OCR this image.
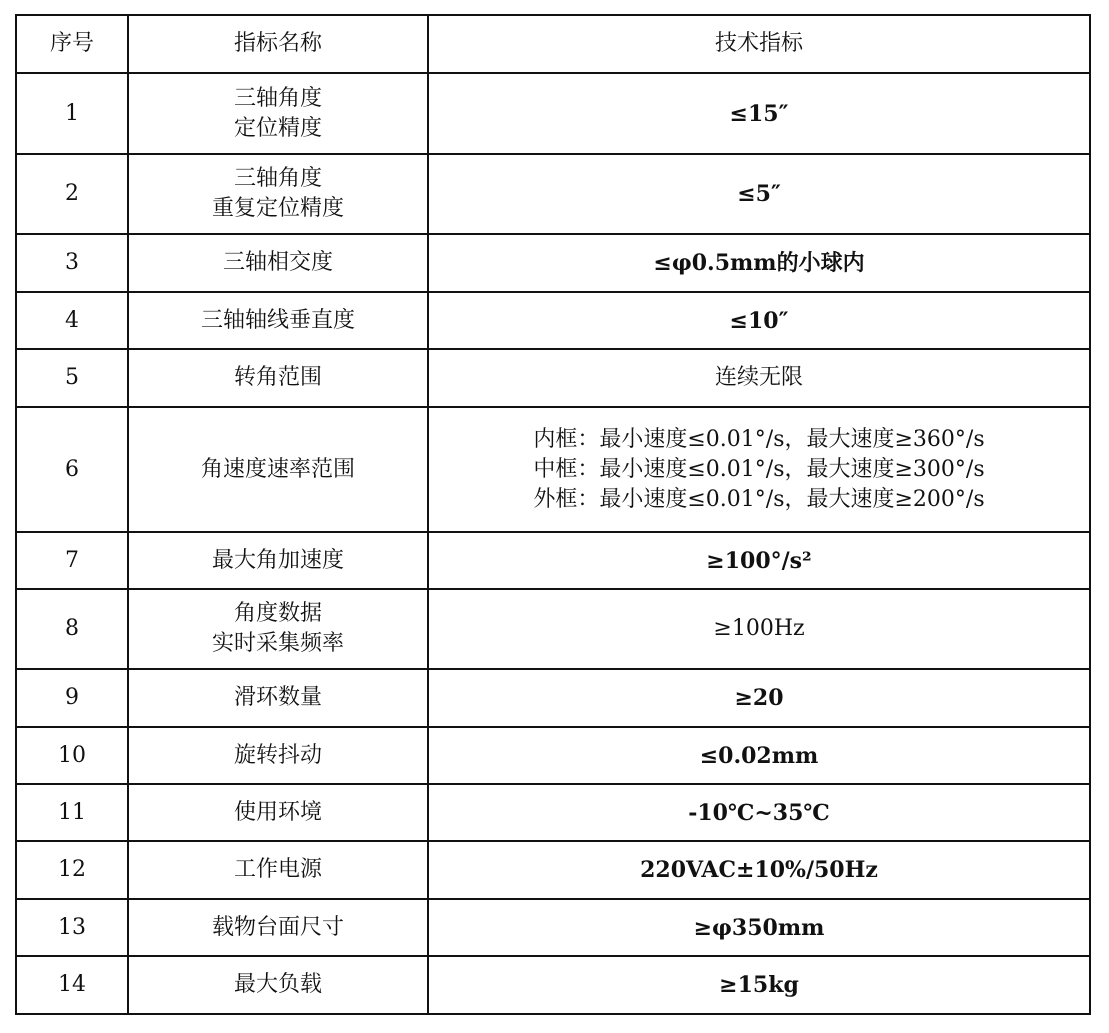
序号	指标名称	技术指标
1	三轴角度
定位精度	≤15″

2	三轴角度
重复定位精度	≤5″

3	三轴相交度	≤φ0.5mm的小球内

4	三轴轴线垂直度	≤10″

5	转角范围	连续无限

6	角速度速率范围	内框：最小速度≤0.01°/s，最大速度≥360°/s
中框：最小速度≤0.01°/s，最大速度≥300°/s
外框：最小速度≤0.01°/s，最大速度≥200°/s

7	最大角加速度	≥100°/s²

8	角度数据
实时采集频率	≥100Hz

9	滑环数量	≥20

10	旋转抖动	≤0.02mm

11	使用环境	-10℃~35℃

12	工作电源	220VAC±10%/50Hz

13	载物台面尺寸	≥φ350mm

14	最大负载	≥15kg
